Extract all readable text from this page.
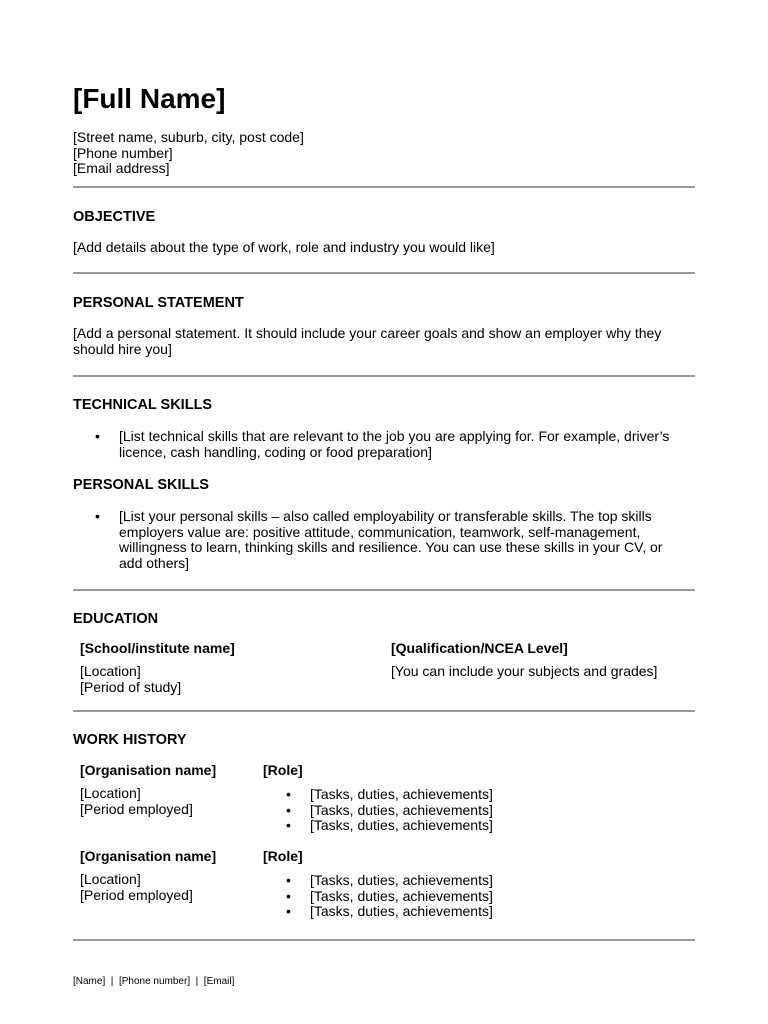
[Full Name]
[Street name, suburb, city, post code]
[Phone number]
[Email address]
OBJECTIVE
[Add details about the type of work, role and industry you would like]
PERSONAL STATEMENT
[Add a personal statement. It should include your career goals and show an employer why they should hire you]
TECHNICAL SKILLS
• [List technical skills that are relevant to the job you are applying for. For example, driver’s licence, cash handling, coding or food preparation]
PERSONAL SKILLS
• [List your personal skills – also called employability or transferable skills. The top skills employers value are: positive attitude, communication, teamwork, self-management, willingness to learn, thinking skills and resilience. You can use these skills in your CV, or add others]
EDUCATION
[School/institute name]
[Location]
[Period of study]
[Qualification/NCEA Level]
[You can include your subjects and grades]
WORK HISTORY
[Organisation name]
[Location]
[Period employed]
[Role]
• [Tasks, duties, achievements]
• [Tasks, duties, achievements]
• [Tasks, duties, achievements]
[Organisation name]
[Location]
[Period employed]
[Role]
• [Tasks, duties, achievements]
• [Tasks, duties, achievements]
• [Tasks, duties, achievements]
[Name]  |  [Phone number]  |  [Email]
